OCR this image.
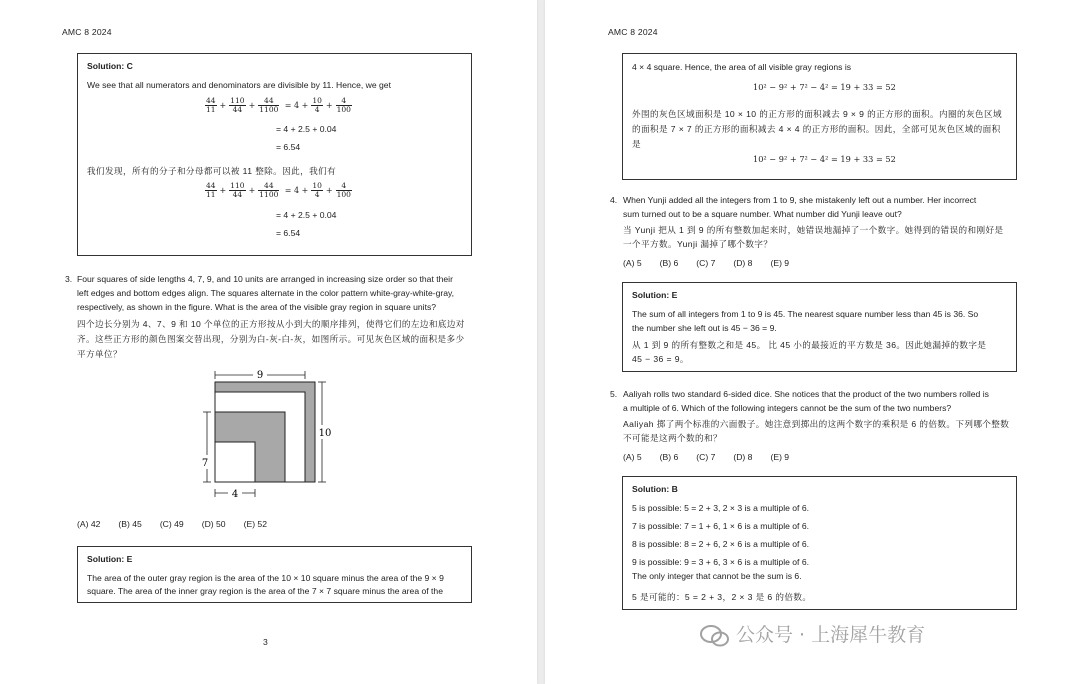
AMC 8 2024
Solution: C
We see that all numerators and denominators are divisible by 11. Hence, we get
$\frac{44}{11} + \frac{110}{44} + \frac{44}{1100} = 4 + \frac{10}{4} + \frac{4}{100}$
= 4 + 2.5 + 0.04
= 6.54
我们发现，所有的分子和分母都可以被 11 整除。因此，我们有
$\frac{44}{11} + \frac{110}{44} + \frac{44}{1100} = 4 + \frac{10}{4} + \frac{4}{100}$
= 4 + 2.5 + 0.04
= 6.54
3. Four squares of side lengths 4, 7, 9, and 10 units are arranged in increasing size order so that their
left edges and bottom edges align. The squares alternate in the color pattern white-gray-white-gray,
respectively, as shown in the figure. What is the area of the visible gray region in square units?
四个边长分别为 4、7、9 和 10 个单位的正方形按从小到大的顺序排列，使得它们的左边和底边对
齐。这些正方形的颜色图案交替出现，分别为白-灰-白-灰，如图所示。可见灰色区域的面积是多少
平方单位？
9
10
7
4
(A) 42 (B) 45 (C) 49 (D) 50 (E) 52
Solution: E
The area of the outer gray region is the area of the 10 × 10 square minus the area of the 9 × 9
square. The area of the inner gray region is the area of the 7 × 7 square minus the area of the
3
AMC 8 2024
4 × 4 square. Hence, the area of all visible gray regions is
10² − 9² + 7² − 4² = 19 + 33 = 52
外围的灰色区域面积是 10 × 10 的正方形的面积减去 9 × 9 的正方形的面积。内圈的灰色区域
的面积是 7 × 7 的正方形的面积减去 4 × 4 的正方形的面积。因此，全部可见灰色区域的面积
是
10² − 9² + 7² − 4² = 19 + 33 = 52
4. When Yunji added all the integers from 1 to 9, she mistakenly left out a number. Her incorrect
sum turned out to be a square number. What number did Yunji leave out?
当 Yunji 把从 1 到 9 的所有整数加起来时，她错误地漏掉了一个数字。她得到的错误的和刚好是
一个平方数。Yunji 漏掉了哪个数字？
(A) 5 (B) 6 (C) 7 (D) 8 (E) 9
Solution: E
The sum of all integers from 1 to 9 is 45. The nearest square number less than 45 is 36. So
the number she left out is 45 − 36 = 9.
从 1 到 9 的所有整数之和是 45。 比 45 小的最接近的平方数是 36。因此她漏掉的数字是
45 − 36 = 9。
5. Aaliyah rolls two standard 6-sided dice. She notices that the product of the two numbers rolled is
a multiple of 6. Which of the following integers cannot be the sum of the two numbers?
Aaliyah 掷了两个标准的六面骰子。她注意到掷出的这两个数字的乘积是 6 的倍数。下列哪个整数
不可能是这两个数的和？
(A) 5 (B) 6 (C) 7 (D) 8 (E) 9
Solution: B
5 is possible: 5 = 2 + 3, 2 × 3 is a multiple of 6.
7 is possible: 7 = 1 + 6, 1 × 6 is a multiple of 6.
8 is possible: 8 = 2 + 6, 2 × 6 is a multiple of 6.
9 is possible: 9 = 3 + 6, 3 × 6 is a multiple of 6.
The only integer that cannot be the sum is 6.
5 是可能的：5 = 2 + 3，2 × 3 是 6 的倍数。
公众号 · 上海犀牛教育
